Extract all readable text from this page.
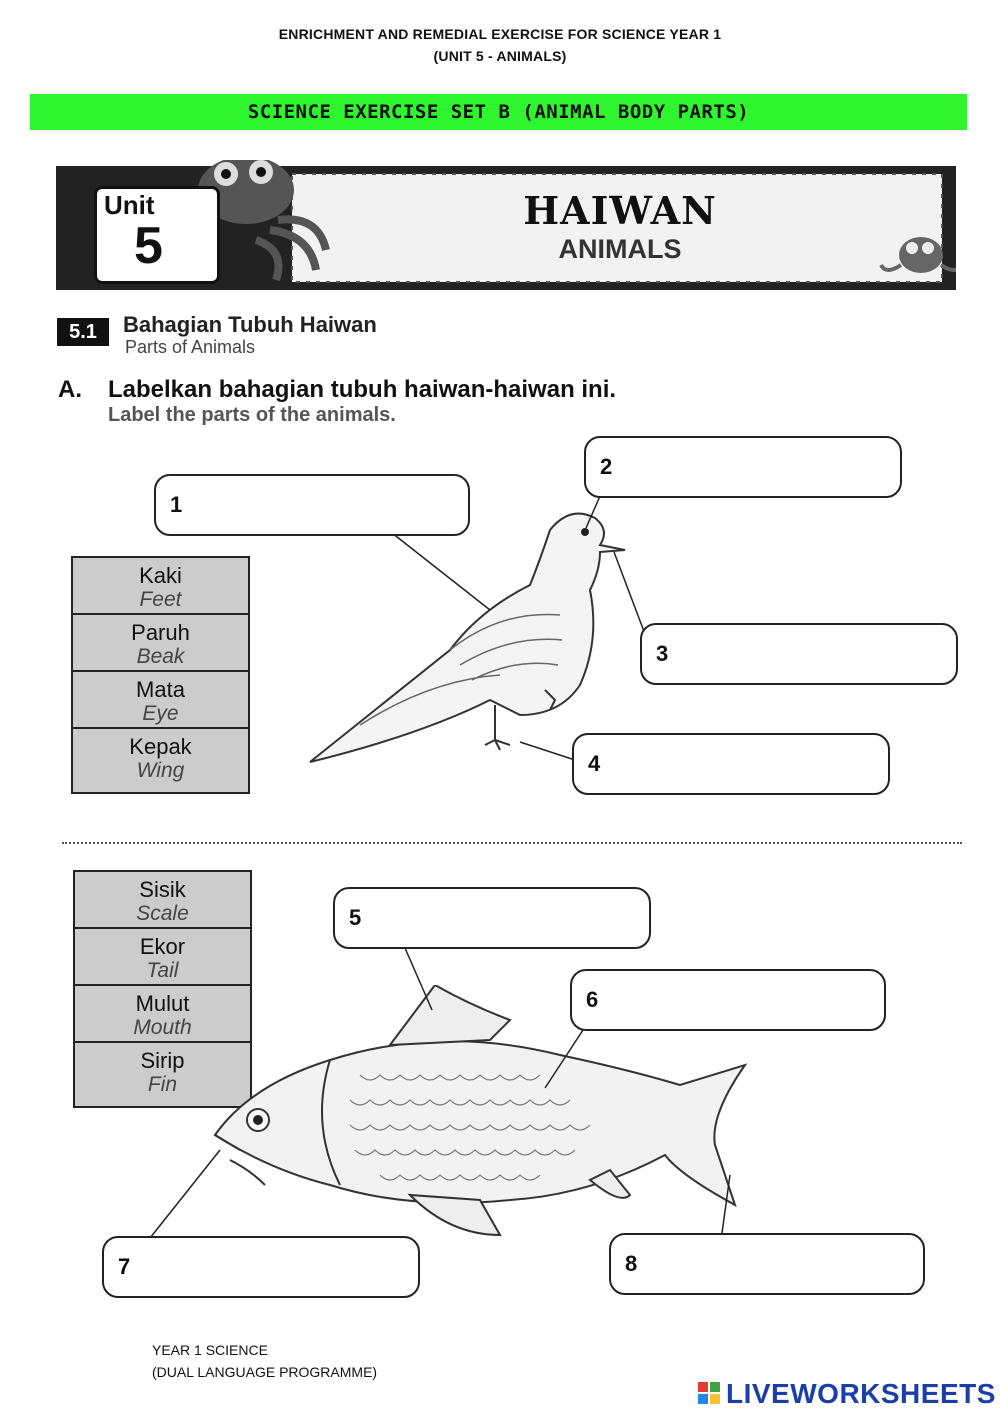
ENRICHMENT AND REMEDIAL EXERCISE FOR SCIENCE YEAR 1
(UNIT 5 - ANIMALS)
SCIENCE EXERCISE SET B (ANIMAL BODY PARTS)
Unit
5
HAIWAN
ANIMALS
5.1	Bahagian Tubuh Haiwan
Parts of Animals
A. Labelkan bahagian tubuh haiwan-haiwan ini.
Label the parts of the animals.
Kaki
Feet
Paruh
Beak
Mata
Eye
Kepak
Wing
1
2
3
4
Sisik
Scale
Ekor
Tail
Mulut
Mouth
Sirip
Fin
5
6
7	8
YEAR 1 SCIENCE
(DUAL LANGUAGE PROGRAMME)
LIVEWORKSHEETS
